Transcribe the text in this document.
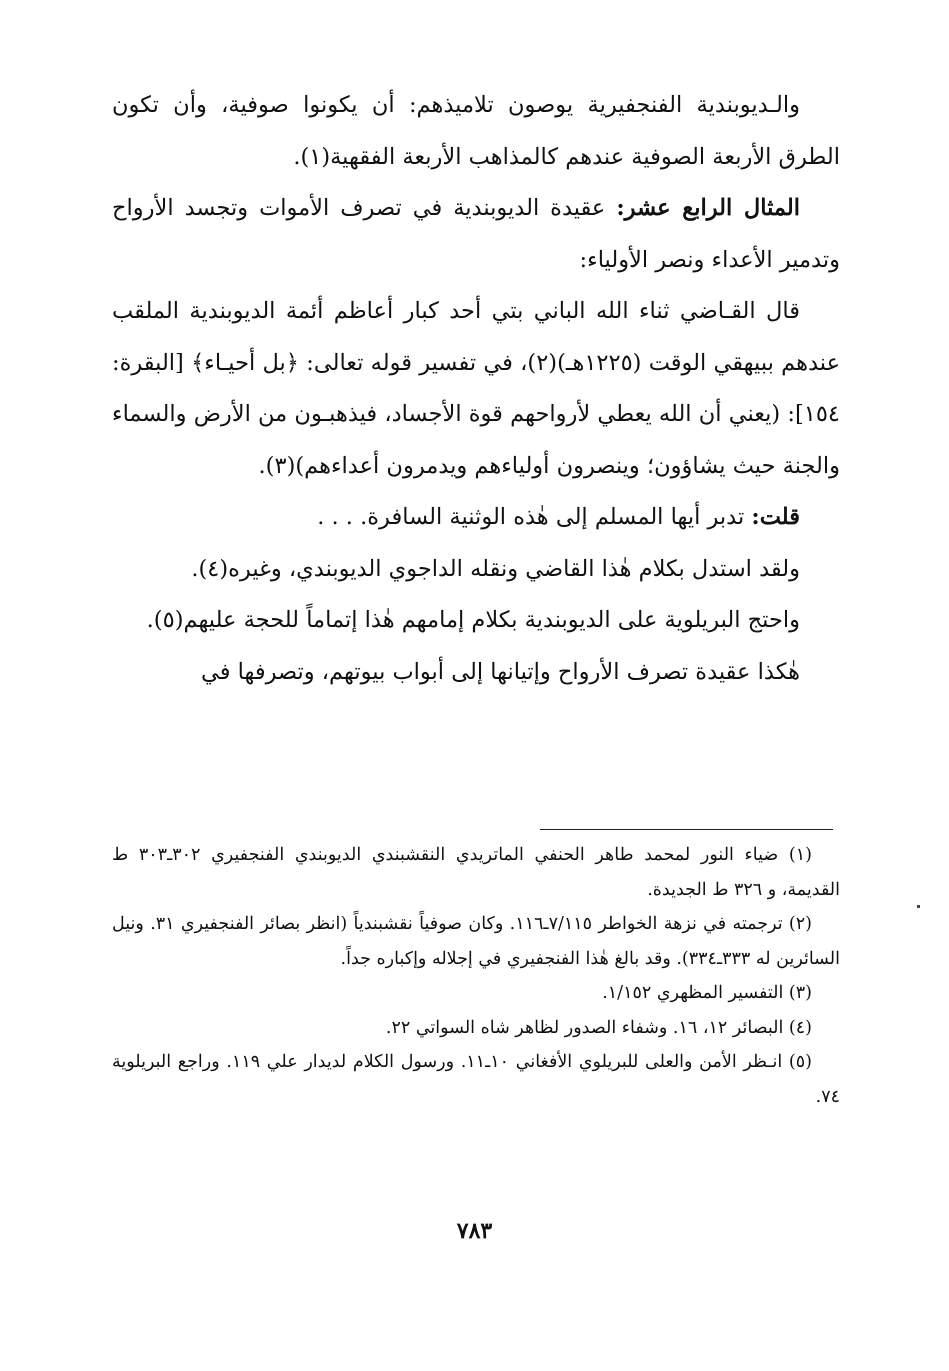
والـديوبندية الفنجفيرية يوصون تلاميذهم: أن يكونوا صوفية، وأن تكون الطرق الأربعة الصوفية عندهم كالمذاهب الأربعة الفقهية(١).

المثال الرابع عشر: عقيدة الديوبندية في تصرف الأموات وتجسد الأرواح وتدمير الأعداء ونصر الأولياء:

قال القـاضي ثناء الله الباني بتي أحد كبار أعاظم أئمة الديوبندية الملقب عندهم ببيهقي الوقت (١٢٢٥هـ)(٢)، في تفسير قوله تعالى: ﴿بل أحيـاء﴾ [البقرة: ١٥٤]: (يعني أن الله يعطي لأرواحهم قوة الأجساد، فيذهبـون من الأرض والسماء والجنة حيث يشاؤون؛ وينصرون أولياءهم ويدمرون أعداءهم)(٣).

قلت: تدبر أيها المسلم إلى هٰذه الوثنية السافرة. . . .

ولقد استدل بكلام هٰذا القاضي ونقله الداجوي الديوبندي، وغيره(٤).

واحتج البريلوية على الديوبندية بكلام إمامهم هٰذا إتماماً للحجة عليهم(٥).

هٰكذا عقيدة تصرف الأرواح وإتيانها إلى أبواب بيوتهم، وتصرفها في

(١) ضياء النور لمحمد طاهر الحنفي الماتريدي النقشبندي الديوبندي الفنجفيري ٣٠٢ـ٣٠٣ ط القديمة، و ٣٢٦ ط الجديدة.

(٢) ترجمته في نزهة الخواطر ٧/١١٥ـ١١٦. وكان صوفياً نقشبندياً (انظر بصائر الفنجفيري ٣١. ونيل السائرين له ٣٣٣ـ٣٣٤). وقد بالغ هٰذا الفنجفيري في إجلاله وإكباره جداً.

(٣) التفسير المظهري ١/١٥٢.

(٤) البصائر ١٢، ١٦. وشفاء الصدور لظاهر شاه السواتي ٢٢.

(٥) انـظر الأمن والعلى للبريلوي الأفغاني ١٠ـ١١. ورسول الكلام لديدار علي ١١٩. وراجع البريلوية ٧٤.

٧٨٣
